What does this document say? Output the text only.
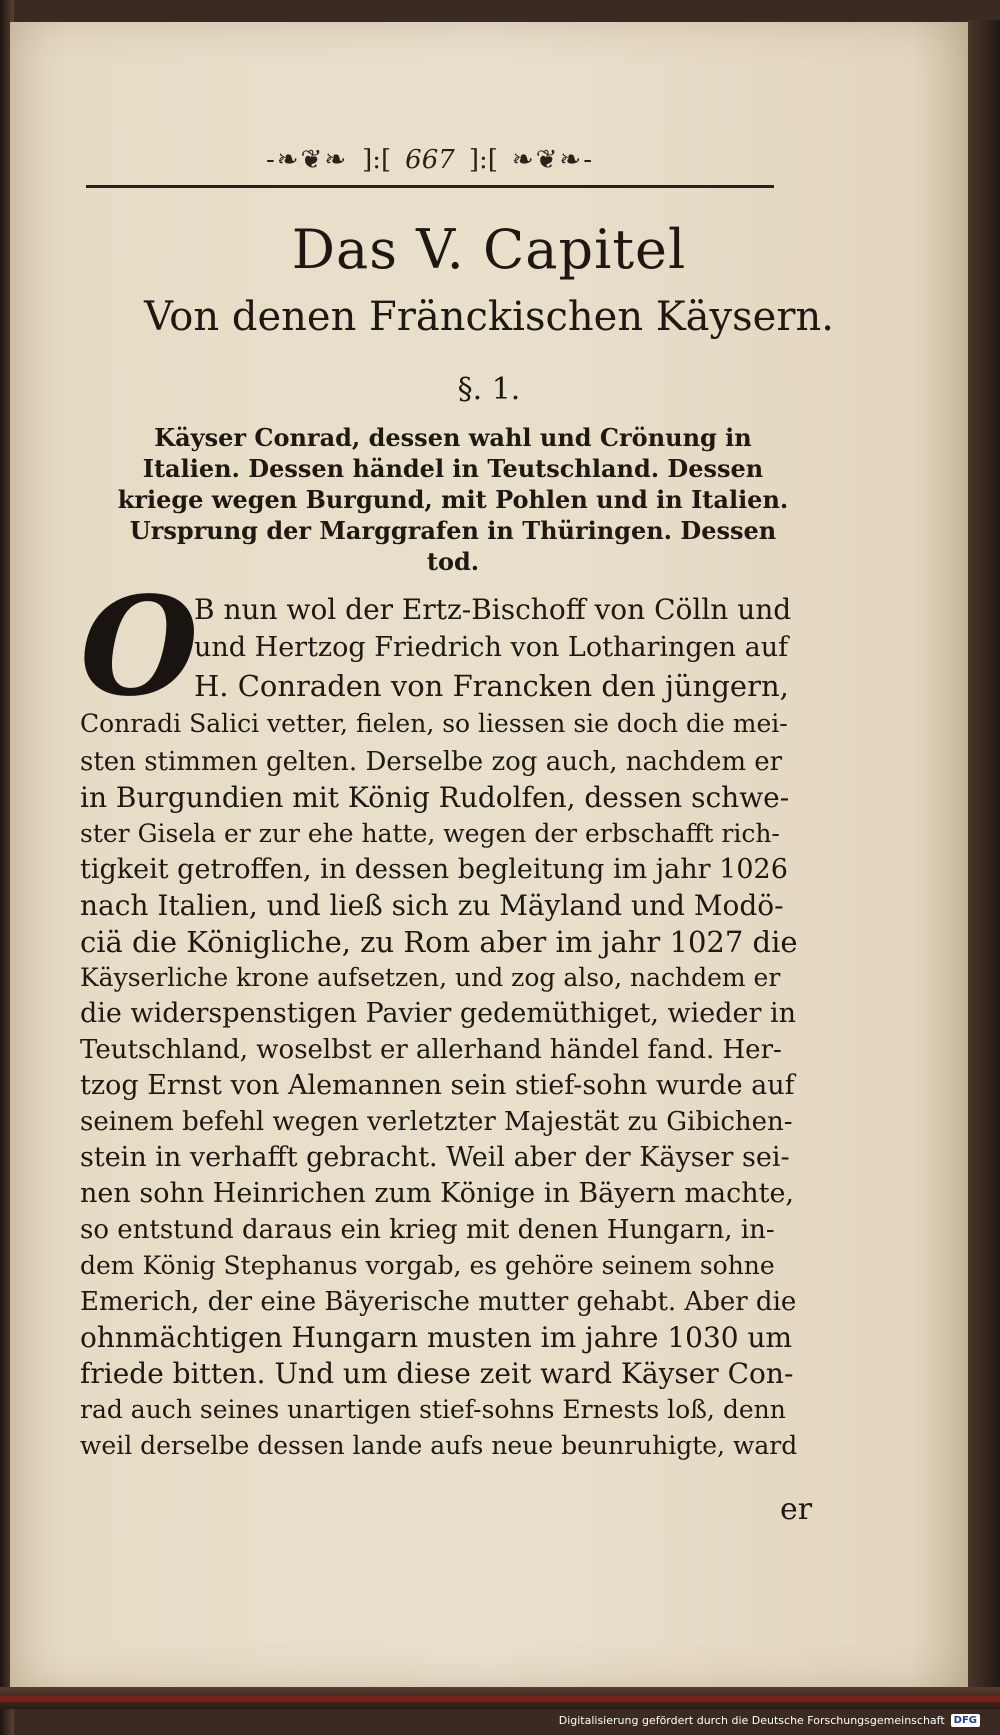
-❧❦❧ ]:[ 667 ]:[ ❧❦❧-
Das V. Capitel
Von denen Fränckischen Käysern.
§. 1.
Käyser Conrad, dessen wahl und Crönung in Italien. Dessen händel in Teutschland. Dessen kriege wegen Burgund, mit Pohlen und in Italien. Ursprung der Marggrafen in Thüringen. Dessen tod.
O
B nun wol der Ertz-Bischoff von Cölln und
und Hertzog Friedrich von Lotharingen auf
H. Conraden von Francken den jüngern,
Conradi Salici vetter, fielen, so liessen sie doch die mei-
sten stimmen gelten. Derselbe zog auch, nachdem er
in Burgundien mit König Rudolfen, dessen schwe-
ster Gisela er zur ehe hatte, wegen der erbschafft rich-
tigkeit getroffen, in dessen begleitung im jahr 1026
nach Italien, und ließ sich zu Mäyland und Modö-
ciä die Königliche, zu Rom aber im jahr 1027 die
Käyserliche krone aufsetzen, und zog also, nachdem er
die widerspenstigen Pavier gedemüthiget, wieder in
Teutschland, woselbst er allerhand händel fand. Her-
tzog Ernst von Alemannen sein stief-sohn wurde auf
seinem befehl wegen verletzter Majestät zu Gibichen-
stein in verhafft gebracht. Weil aber der Käyser sei-
nen sohn Heinrichen zum Könige in Bäyern machte,
so entstund daraus ein krieg mit denen Hungarn, in-
dem König Stephanus vorgab, es gehöre seinem sohne
Emerich, der eine Bäyerische mutter gehabt. Aber die
ohnmächtigen Hungarn musten im jahre 1030 um
friede bitten. Und um diese zeit ward Käyser Con-
rad auch seines unartigen stief-sohns Ernests loß, denn
weil derselbe dessen lande aufs neue beunruhigte, ward
er
Digitalisierung gefördert durch die Deutsche Forschungsgemeinschaft DFG
